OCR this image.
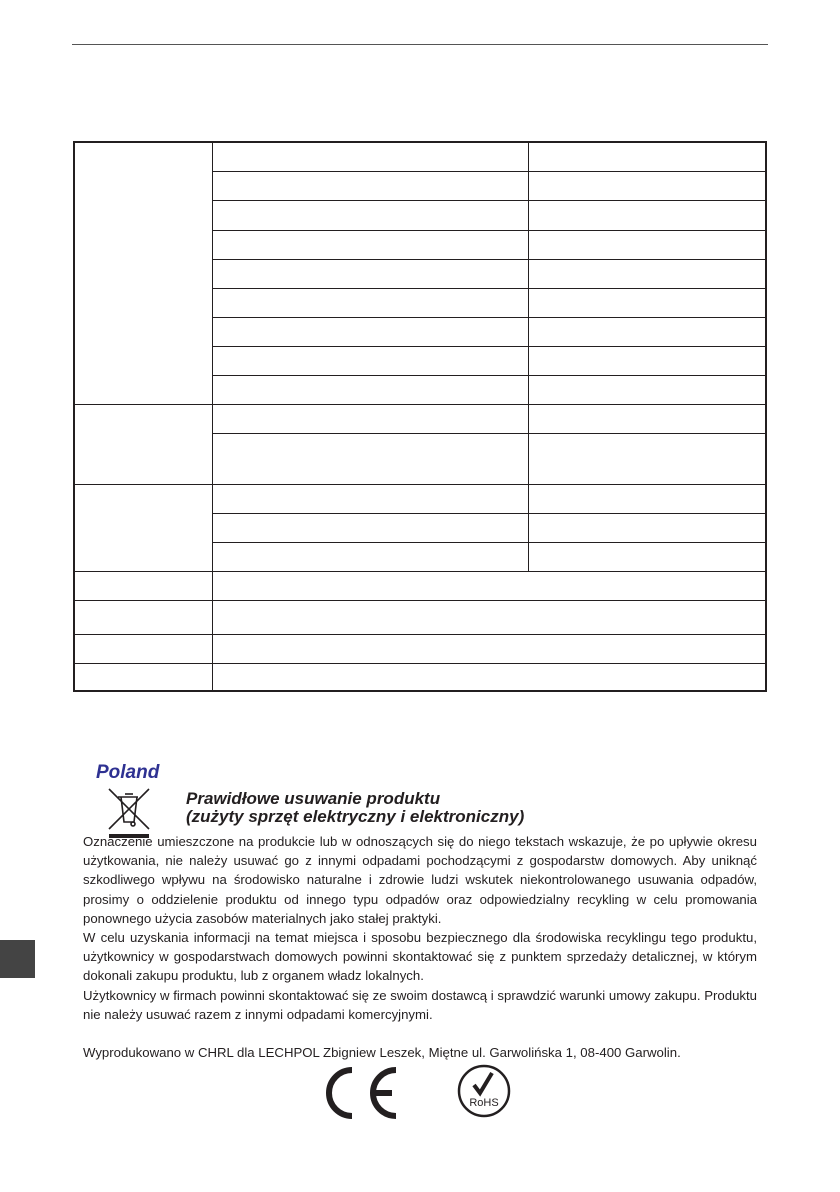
Poland
Prawidłowe usuwanie produktu
(zużyty sprzęt elektryczny i elektroniczny)

Oznaczenie umieszczone na produkcie lub w odnoszących się do niego tekstach wskazuje, że po upływie okresu użytkowania, nie należy usuwać go z innymi odpadami pochodzącymi z gospodarstw domowych. Aby uniknąć szkodliwego wpływu na środowisko naturalne i zdrowie ludzi wskutek niekontrolowanego usuwania odpadów, prosimy o oddzielenie produktu od innego typu odpadów oraz odpowiedzialny recykling w celu promowania ponownego użycia zasobów materialnych jako stałej praktyki.

W celu uzyskania informacji na temat miejsca i sposobu bezpiecznego dla środowiska recyklingu tego produktu, użytkownicy w gospodarstwach domowych powinni skontaktować się z punktem sprzedaży detalicznej, w którym dokonali zakupu produktu, lub z organem władz lokalnych.

Użytkownicy w firmach powinni skontaktować się ze swoim dostawcą i sprawdzić warunki umowy zakupu. Produktu nie należy usuwać razem z innymi odpadami komercyjnymi.

Wyprodukowano w CHRL dla LECHPOL Zbigniew Leszek, Miętne ul. Garwolińska 1, 08-400 Garwolin.
RoHS
